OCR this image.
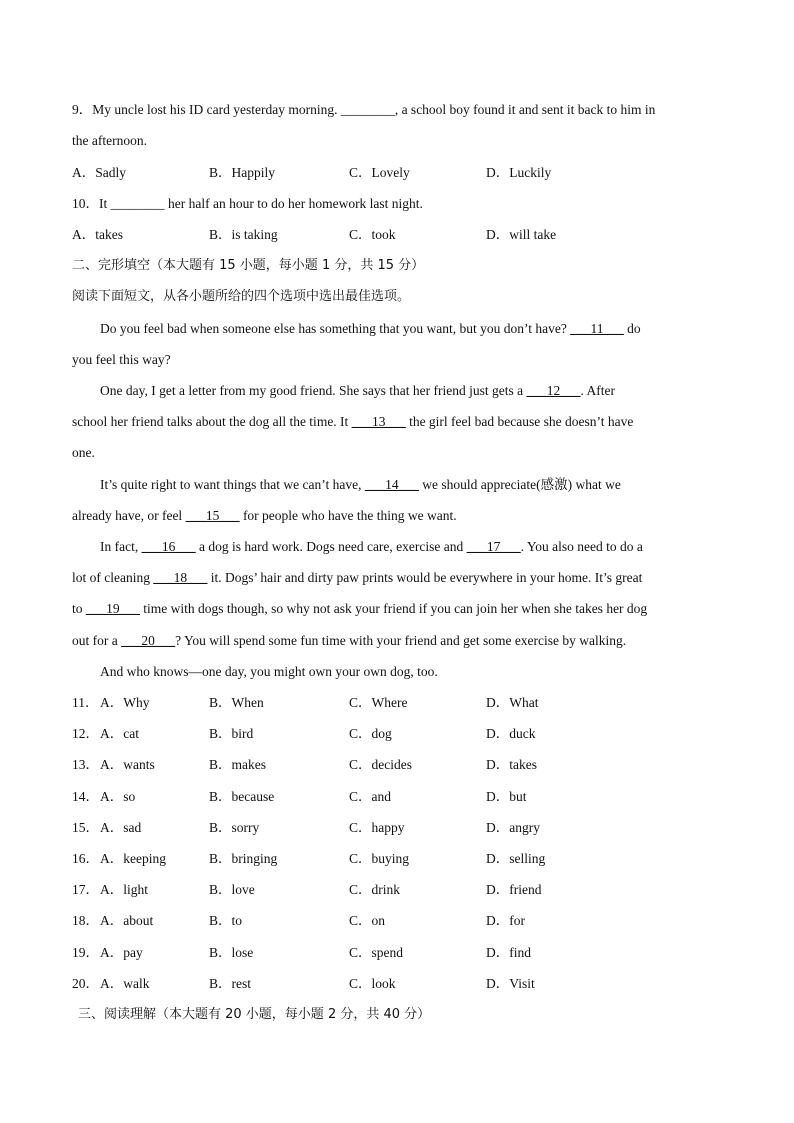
9．My uncle lost his ID card yesterday morning. ________, a school boy found it and sent it back to him in
the afternoon.
A．Sadly	B．Happily	C．Lovely	D．Luckily
10．It ________ her half an hour to do her homework last night.
A．takes	B．is taking	C．took	D．will take
二、完形填空（本大题有 15 小题，每小题 1 分，共 15 分）
阅读下面短文，从各小题所给的四个选项中选出最佳选项。
Do you feel bad when someone else has something that you want, but you don’t have? ___11___ do
you feel this way?
One day, I get a letter from my good friend. She says that her friend just gets a ___12___. After
school her friend talks about the dog all the time. It ___13___ the girl feel bad because she doesn’t have
one.
It’s quite right to want things that we can’t have, ___14___ we should appreciate(感激) what we
already have, or feel ___15___ for people who have the thing we want.
In fact, ___16___ a dog is hard work. Dogs need care, exercise and ___17___. You also need to do a
lot of cleaning ___18___ it. Dogs’ hair and dirty paw prints would be everywhere in your home. It’s great
to ___19___ time with dogs though, so why not ask your friend if you can join her when she takes her dog
out for a ___20___? You will spend some fun time with your friend and get some exercise by walking.
And who knows—one day, you might own your own dog, too.
11． A．Why	B．When	C．Where	D．What
12． A．cat	B．bird	C．dog	D．duck
13． A．wants	B．makes	C．decides	D．takes
14． A．so	B．because	C．and	D．but
15． A．sad	B．sorry	C．happy	D．angry
16． A．keeping	B．bringing	C．buying	D．selling
17． A．light	B．love	C．drink	D．friend
18． A．about	B．to	C．on	D．for
19． A．pay	B．lose	C．spend	D．find
20． A．walk	B．rest	C．look	D．Visit
三、阅读理解（本大题有 20 小题，每小题 2 分，共 40 分）
